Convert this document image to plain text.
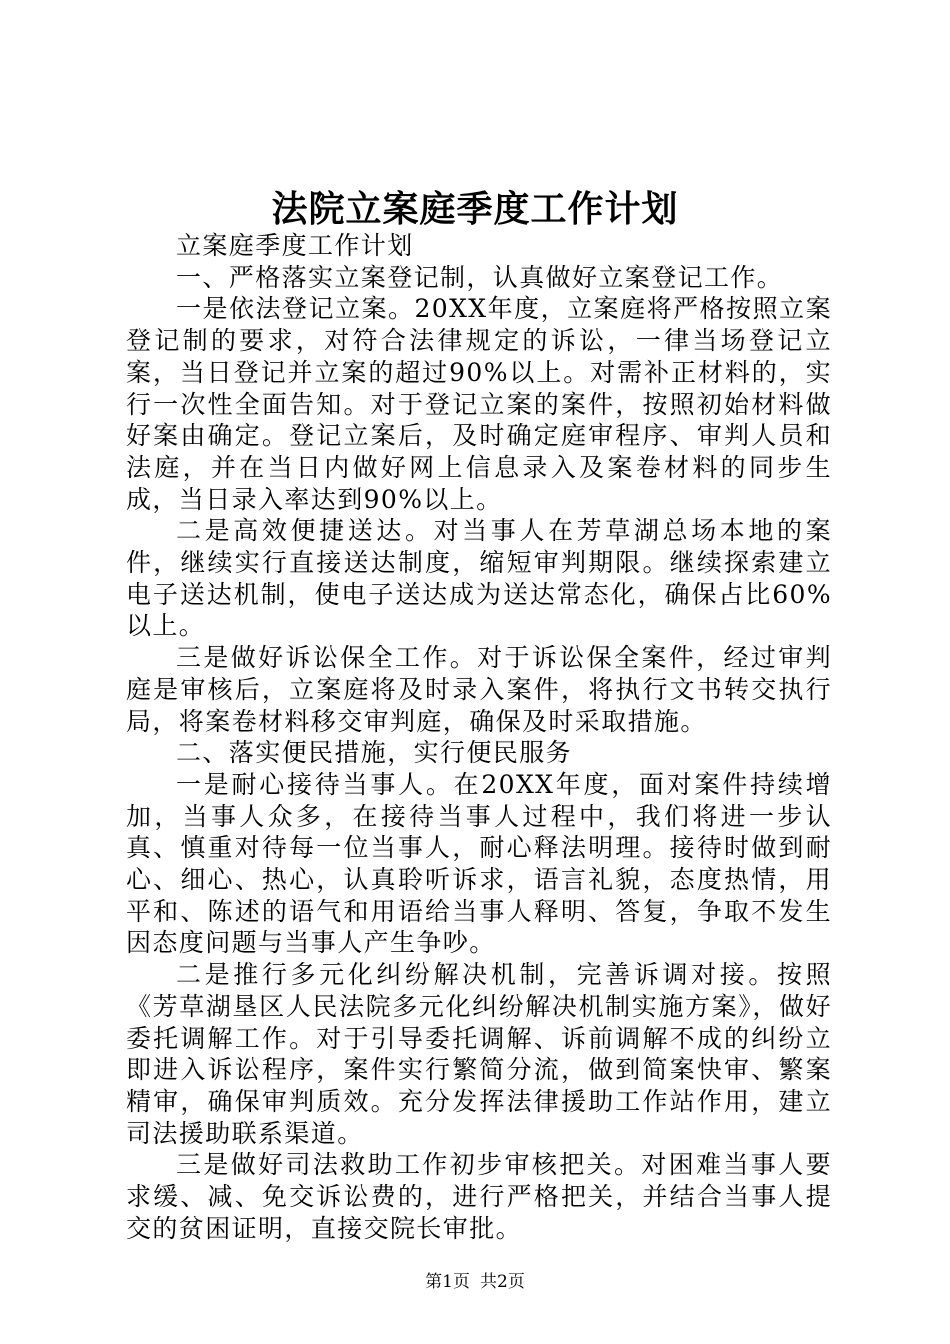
法院立案庭季度工作计划

立案庭季度工作计划

一、严格落实立案登记制，认真做好立案登记工作。

一是依法登记立案。20XX年度，立案庭将严格按照立案登记制的要求，对符合法律规定的诉讼，一律当场登记立案，当日登记并立案的超过90%以上。对需补正材料的，实行一次性全面告知。对于登记立案的案件，按照初始材料做好案由确定。登记立案后，及时确定庭审程序、审判人员和法庭，并在当日内做好网上信息录入及案卷材料的同步生成，当日录入率达到90%以上。

二是高效便捷送达。对当事人在芳草湖总场本地的案件，继续实行直接送达制度，缩短审判期限。继续探索建立电子送达机制，使电子送达成为送达常态化，确保占比60%以上。

三是做好诉讼保全工作。对于诉讼保全案件，经过审判庭是审核后，立案庭将及时录入案件，将执行文书转交执行局，将案卷材料移交审判庭，确保及时采取措施。

二、落实便民措施，实行便民服务

一是耐心接待当事人。在20XX年度，面对案件持续增加，当事人众多，在接待当事人过程中，我们将进一步认真、慎重对待每一位当事人，耐心释法明理。接待时做到耐心、细心、热心，认真聆听诉求，语言礼貌，态度热情，用平和、陈述的语气和用语给当事人释明、答复，争取不发生因态度问题与当事人产生争吵。

二是推行多元化纠纷解决机制，完善诉调对接。按照《芳草湖垦区人民法院多元化纠纷解决机制实施方案》，做好委托调解工作。对于引导委托调解、诉前调解不成的纠纷立即进入诉讼程序，案件实行繁简分流，做到简案快审、繁案精审，确保审判质效。充分发挥法律援助工作站作用，建立司法援助联系渠道。

三是做好司法救助工作初步审核把关。对困难当事人要求缓、减、免交诉讼费的，进行严格把关，并结合当事人提交的贫困证明，直接交院长审批。

第1页 共2页
